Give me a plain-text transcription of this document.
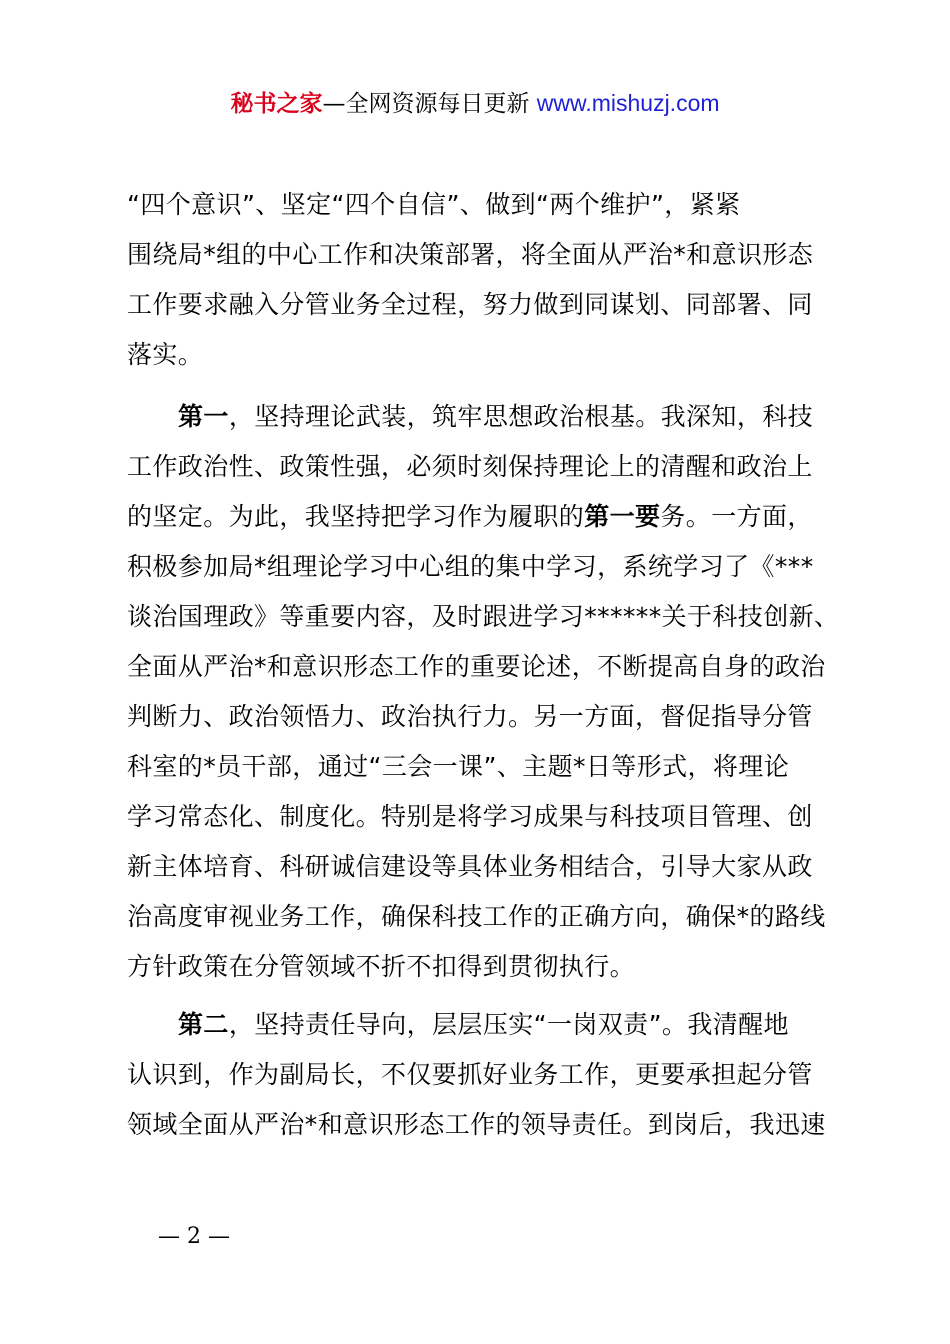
秘书之家—全网资源每日更新 www.mishuzj.com

“四个意识”、坚定“四个自信”、做到“两个维护”，紧紧

围绕局*组的中心工作和决策部署，将全面从严治*和意识形态

工作要求融入分管业务全过程，努力做到同谋划、同部署、同

落实。

第一，坚持理论武装，筑牢思想政治根基。我深知，科技

工作政治性、政策性强，必须时刻保持理论上的清醒和政治上

的坚定。为此，我坚持把学习作为履职的第一要务。一方面，

积极参加局*组理论学习中心组的集中学习，系统学习了《***

谈治国理政》等重要内容，及时跟进学习******关于科技创新、

全面从严治*和意识形态工作的重要论述，不断提高自身的政治

判断力、政治领悟力、政治执行力。另一方面，督促指导分管

科室的*员干部，通过“三会一课”、主题*日等形式，将理论

学习常态化、制度化。特别是将学习成果与科技项目管理、创

新主体培育、科研诚信建设等具体业务相结合，引导大家从政

治高度审视业务工作，确保科技工作的正确方向，确保*的路线

方针政策在分管领域不折不扣得到贯彻执行。

第二，坚持责任导向，层层压实“一岗双责”。我清醒地

认识到，作为副局长，不仅要抓好业务工作，更要承担起分管

领域全面从严治*和意识形态工作的领导责任。到岗后，我迅速

— 2 —
